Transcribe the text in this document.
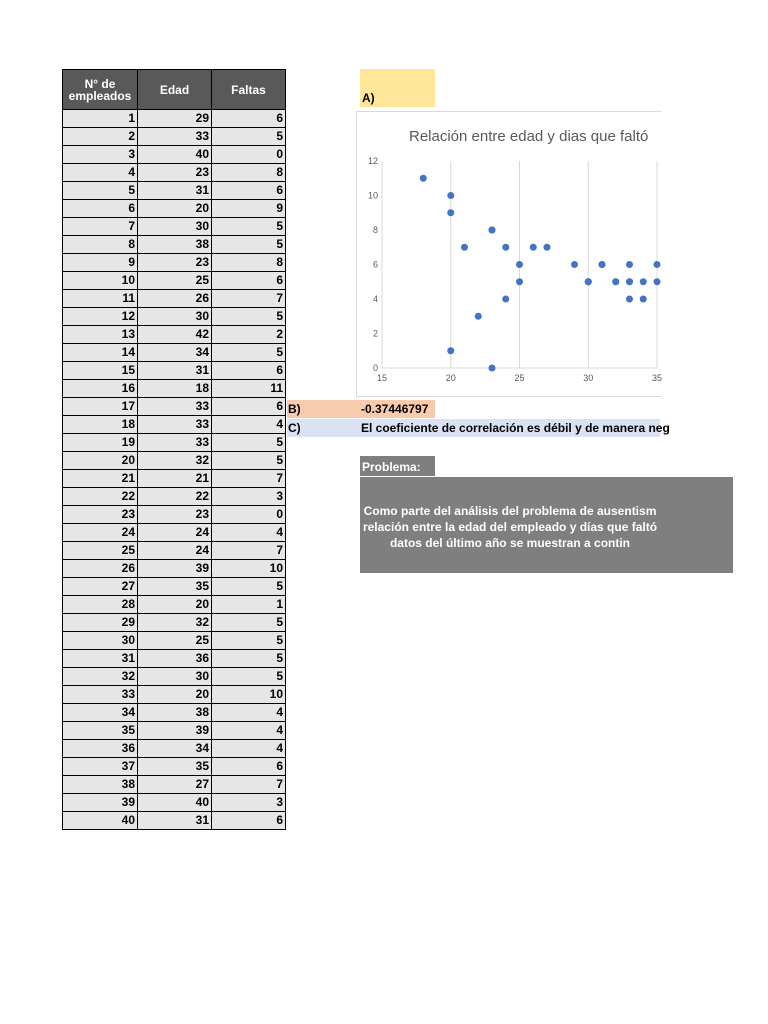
N° de empleados	Edad	Faltas
1	29	6
2	33	5
3	40	0
4	23	8
5	31	6
6	20	9
7	30	5
8	38	5
9	23	8
10	25	6
11	26	7
12	30	5
13	42	2
14	34	5
15	31	6
16	18	11
17	33	6
18	33	4
19	33	5
20	32	5
21	21	7
22	22	3
23	23	0
24	24	4
25	24	7
26	39	10
27	35	5
28	20	1
29	32	5
30	25	5
31	36	5
32	30	5
33	20	10
34	38	4
35	39	4
36	34	4
37	35	6
38	27	7
39	40	3
40	31	6
A)
Relación entre edad y dias que faltó
15	20	25	30	35
0
2
4
6
8
10
12
B)	-0.37446797
C)	El coeficiente de correlación es débil y de manera neg
Problema:
Como parte del análisis del problema de ausentism
relación entre la edad del empleado y días que faltó
datos del último año se muestran a contin
